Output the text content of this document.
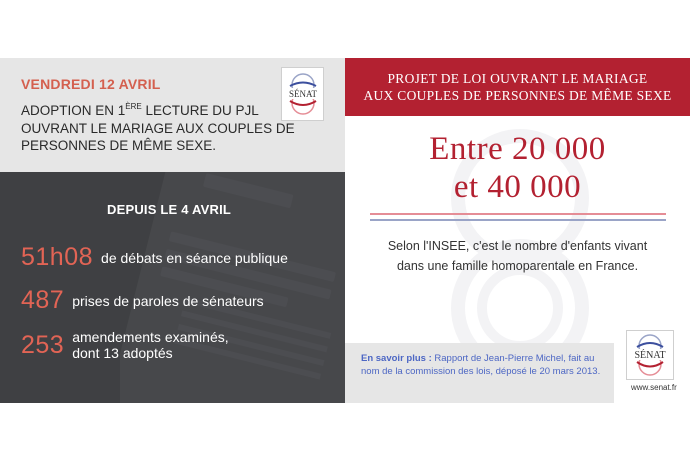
VENDREDI 12 AVRIL
ADOPTION EN 1ÈRE LECTURE DU PJL OUVRANT LE MARIAGE AUX COUPLES DE PERSONNES DE MÊME SEXE.
SÉNAT
DEPUIS LE 4 AVRIL
51h08 de débats en séance publique
487 prises de paroles de sénateurs
253 amendements examinés,
dont 13 adoptés
PROJET DE LOI OUVRANT LE MARIAGE
AUX COUPLES DE PERSONNES DE MÊME SEXE
Entre 20 000
et 40 000
Selon l'INSEE, c'est le nombre d'enfants vivant
dans une famille homoparentale en France.
En savoir plus : Rapport de Jean-Pierre Michel, fait au nom de la commission des lois, déposé le 20 mars 2013.
SÉNAT
www.senat.fr
